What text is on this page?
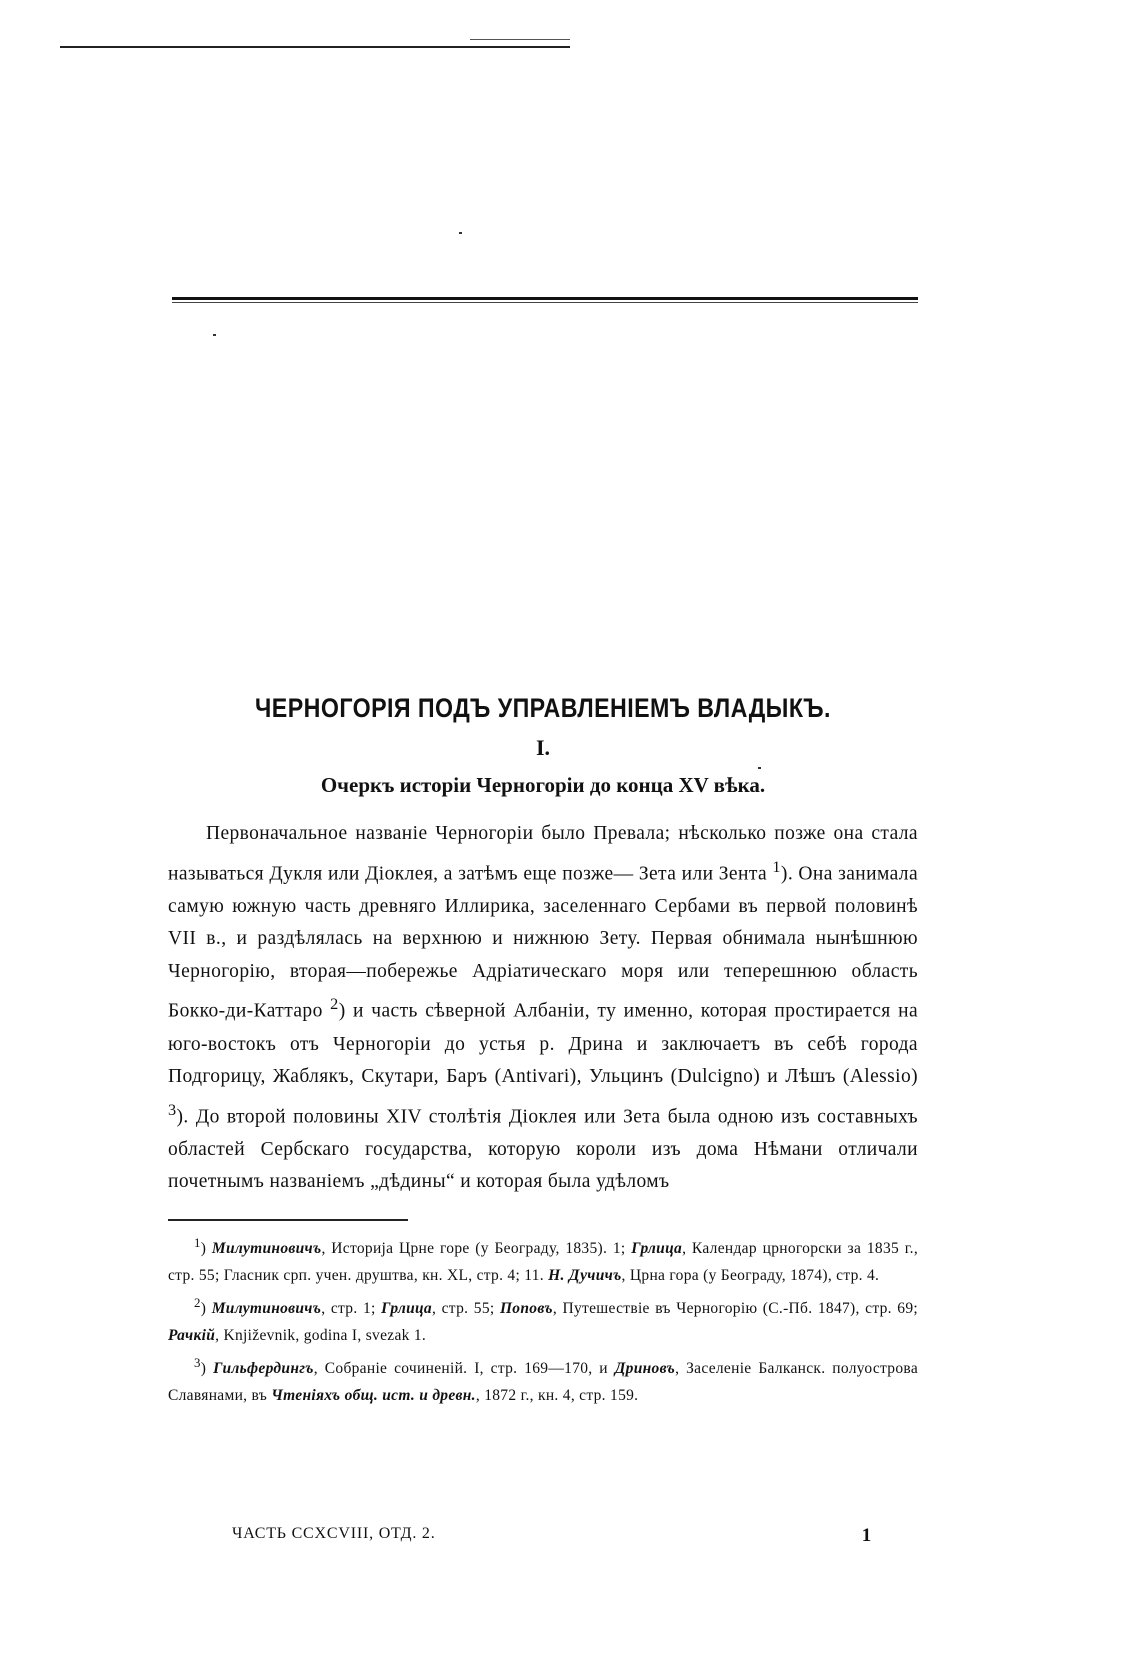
ЧЕРНОГОРІЯ ПОДЪ УПРАВЛЕНІЕМЪ ВЛАДЫКЪ.
I.
Очеркъ исторіи Черногоріи до конца XV вѣка.

Первоначальное названіе Черногоріи было Превала; нѣсколько позже она стала называться Дукля или Діоклея, а затѣмъ еще позже— Зета или Зента $^1$). Она занимала самую южную часть древняго Иллирика, заселеннаго Сербами въ первой половинѣ VII в., и раздѣлялась на верхнюю и нижнюю Зету. Первая обнимала нынѣшнюю Черногорію, вторая—побережье Адріатическаго моря или теперешнюю область Бокко-ди-Каттаро $^2$) и часть сѣверной Албаніи, ту именно, которая простирается на юго-востокъ отъ Черногоріи до устья р. Дрина и заключаетъ въ себѣ города Подгорицу, Жаблякъ, Скутари, Баръ (Antivari), Ульцинъ (Dulcigno) и Лѣшъ (Alessio) $^3$). До второй половины XIV столѣтія Діоклея или Зета была одною изъ составныхъ областей Сербскаго государства, которую короли изъ дома Нѣмани отличали почетнымъ названіемъ „дѣдины“ и которая была удѣломъ

$^1$) Милутиновичъ, Историја Црне горе (у Београду, 1835). 1; Грлица, Календар црногорски за 1835 г., стр. 55; Гласник срп. учен. друштва, кн. XL, стр. 4; 11. Н. Дучичъ, Црна гора (у Београду, 1874), стр. 4.

$^2$) Милутиновичъ, стр. 1; Грлица, стр. 55; Поповъ, Путешествіе въ Черногорію (С.-Пб. 1847), стр. 69; Рачкій, Književnik, godina I, svezak 1.

$^3$) Гильфердингъ, Собраніе сочиненій. I, стр. 169—170, и Дриновъ, Заселеніе Балканск. полуострова Славянами, въ Чтеніяхъ общ. ист. и древн., 1872 г., кн. 4, стр. 159.

ЧАСТЬ CCXCVIII, ОТД. 2.	1
